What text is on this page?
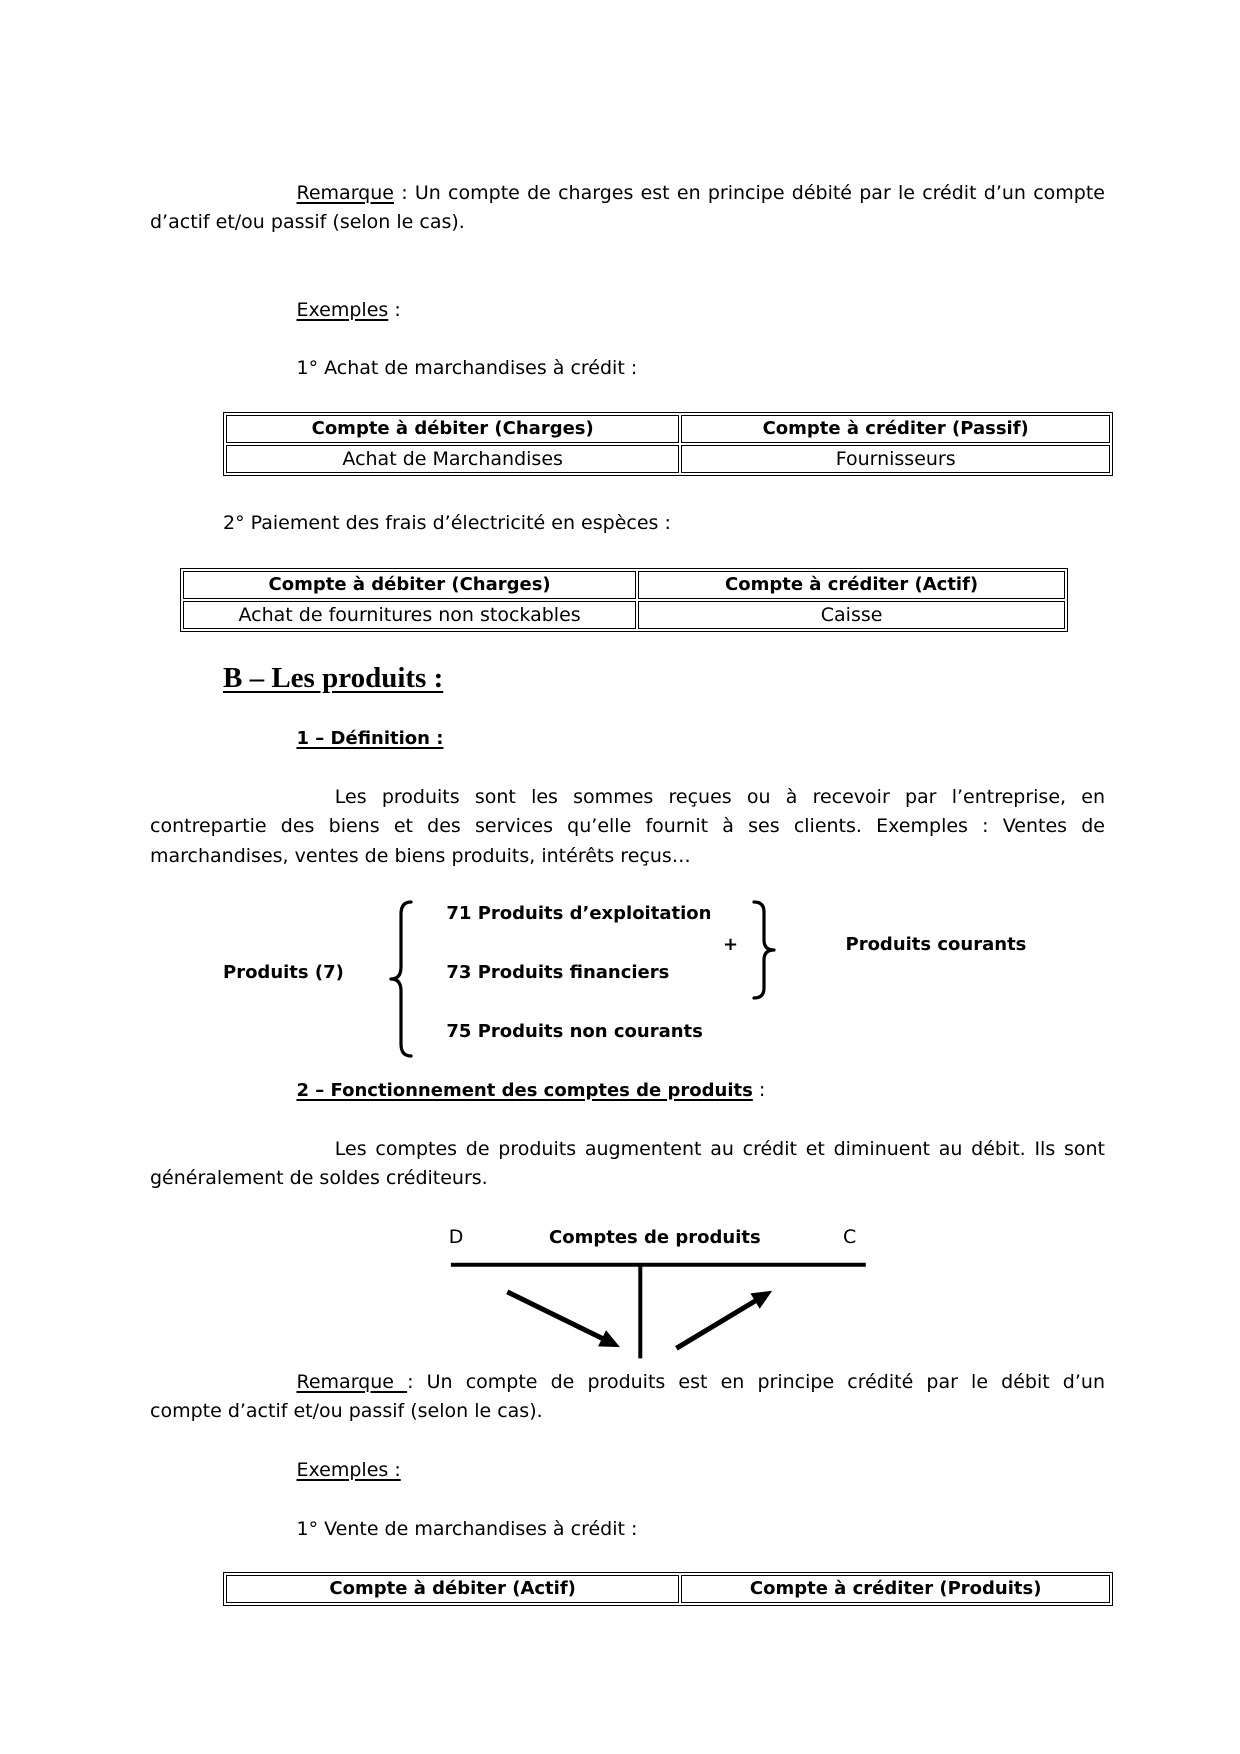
Remarque : Un compte de charges est en principe débité par le crédit d’un compte
d’actif et/ou passif (selon le cas).
Exemples :
1° Achat de marchandises à crédit :
Compte à débiter (Charges)	Compte à créditer (Passif)
Achat de Marchandises	Fournisseurs
2° Paiement des frais d’électricité en espèces :
Compte à débiter (Charges)	Compte à créditer (Actif)
Achat de fournitures non stockables	Caisse
B – Les produits :
1 – Définition :
Les produits sont les sommes reçues ou à recevoir par l’entreprise, en
contrepartie des biens et des services qu’elle fournit à ses clients. Exemples : Ventes de
marchandises, ventes de biens produits, intérêts reçus…
Produits (7)
71 Produits d’exploitation
73 Produits financiers
75 Produits non courants
+	Produits courants
2 – Fonctionnement des comptes de produits :
Les comptes de produits augmentent au crédit et diminuent au débit. Ils sont
généralement de soldes créditeurs.
D	Comptes de produits	C
Remarque : Un compte de produits est en principe crédité par le débit d’un
compte d’actif et/ou passif (selon le cas).
Exemples :
1° Vente de marchandises à crédit :
Compte à débiter (Actif)	Compte à créditer (Produits)
